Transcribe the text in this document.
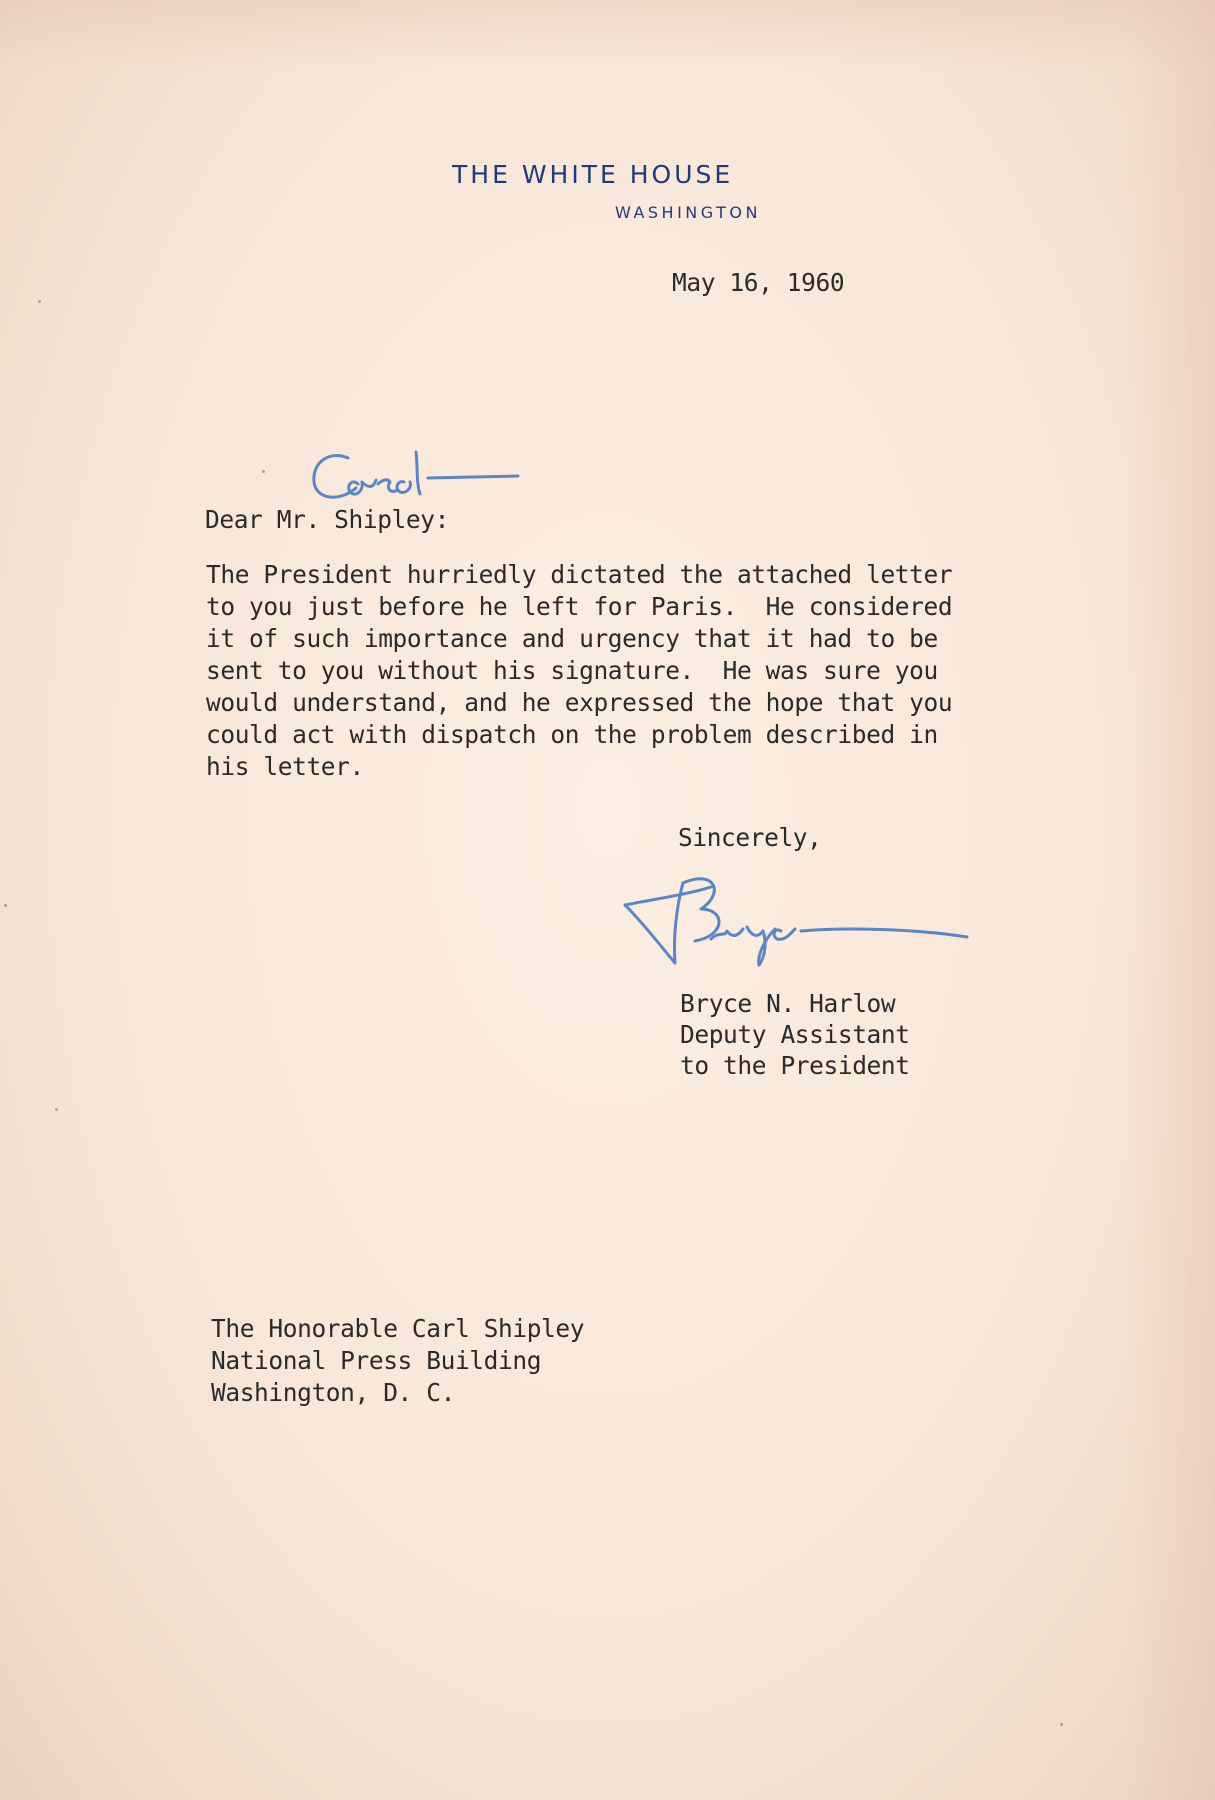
THE WHITE HOUSE
WASHINGTON
May 16, 1960
Dear Mr. Shipley:
The President hurriedly dictated the attached letter
to you just before he left for Paris.  He considered
it of such importance and urgency that it had to be
sent to you without his signature.  He was sure you
would understand, and he expressed the hope that you
could act with dispatch on the problem described in
his letter.
Sincerely,
Bryce N. Harlow
Deputy Assistant
to the President
The Honorable Carl Shipley
National Press Building
Washington, D. C.
